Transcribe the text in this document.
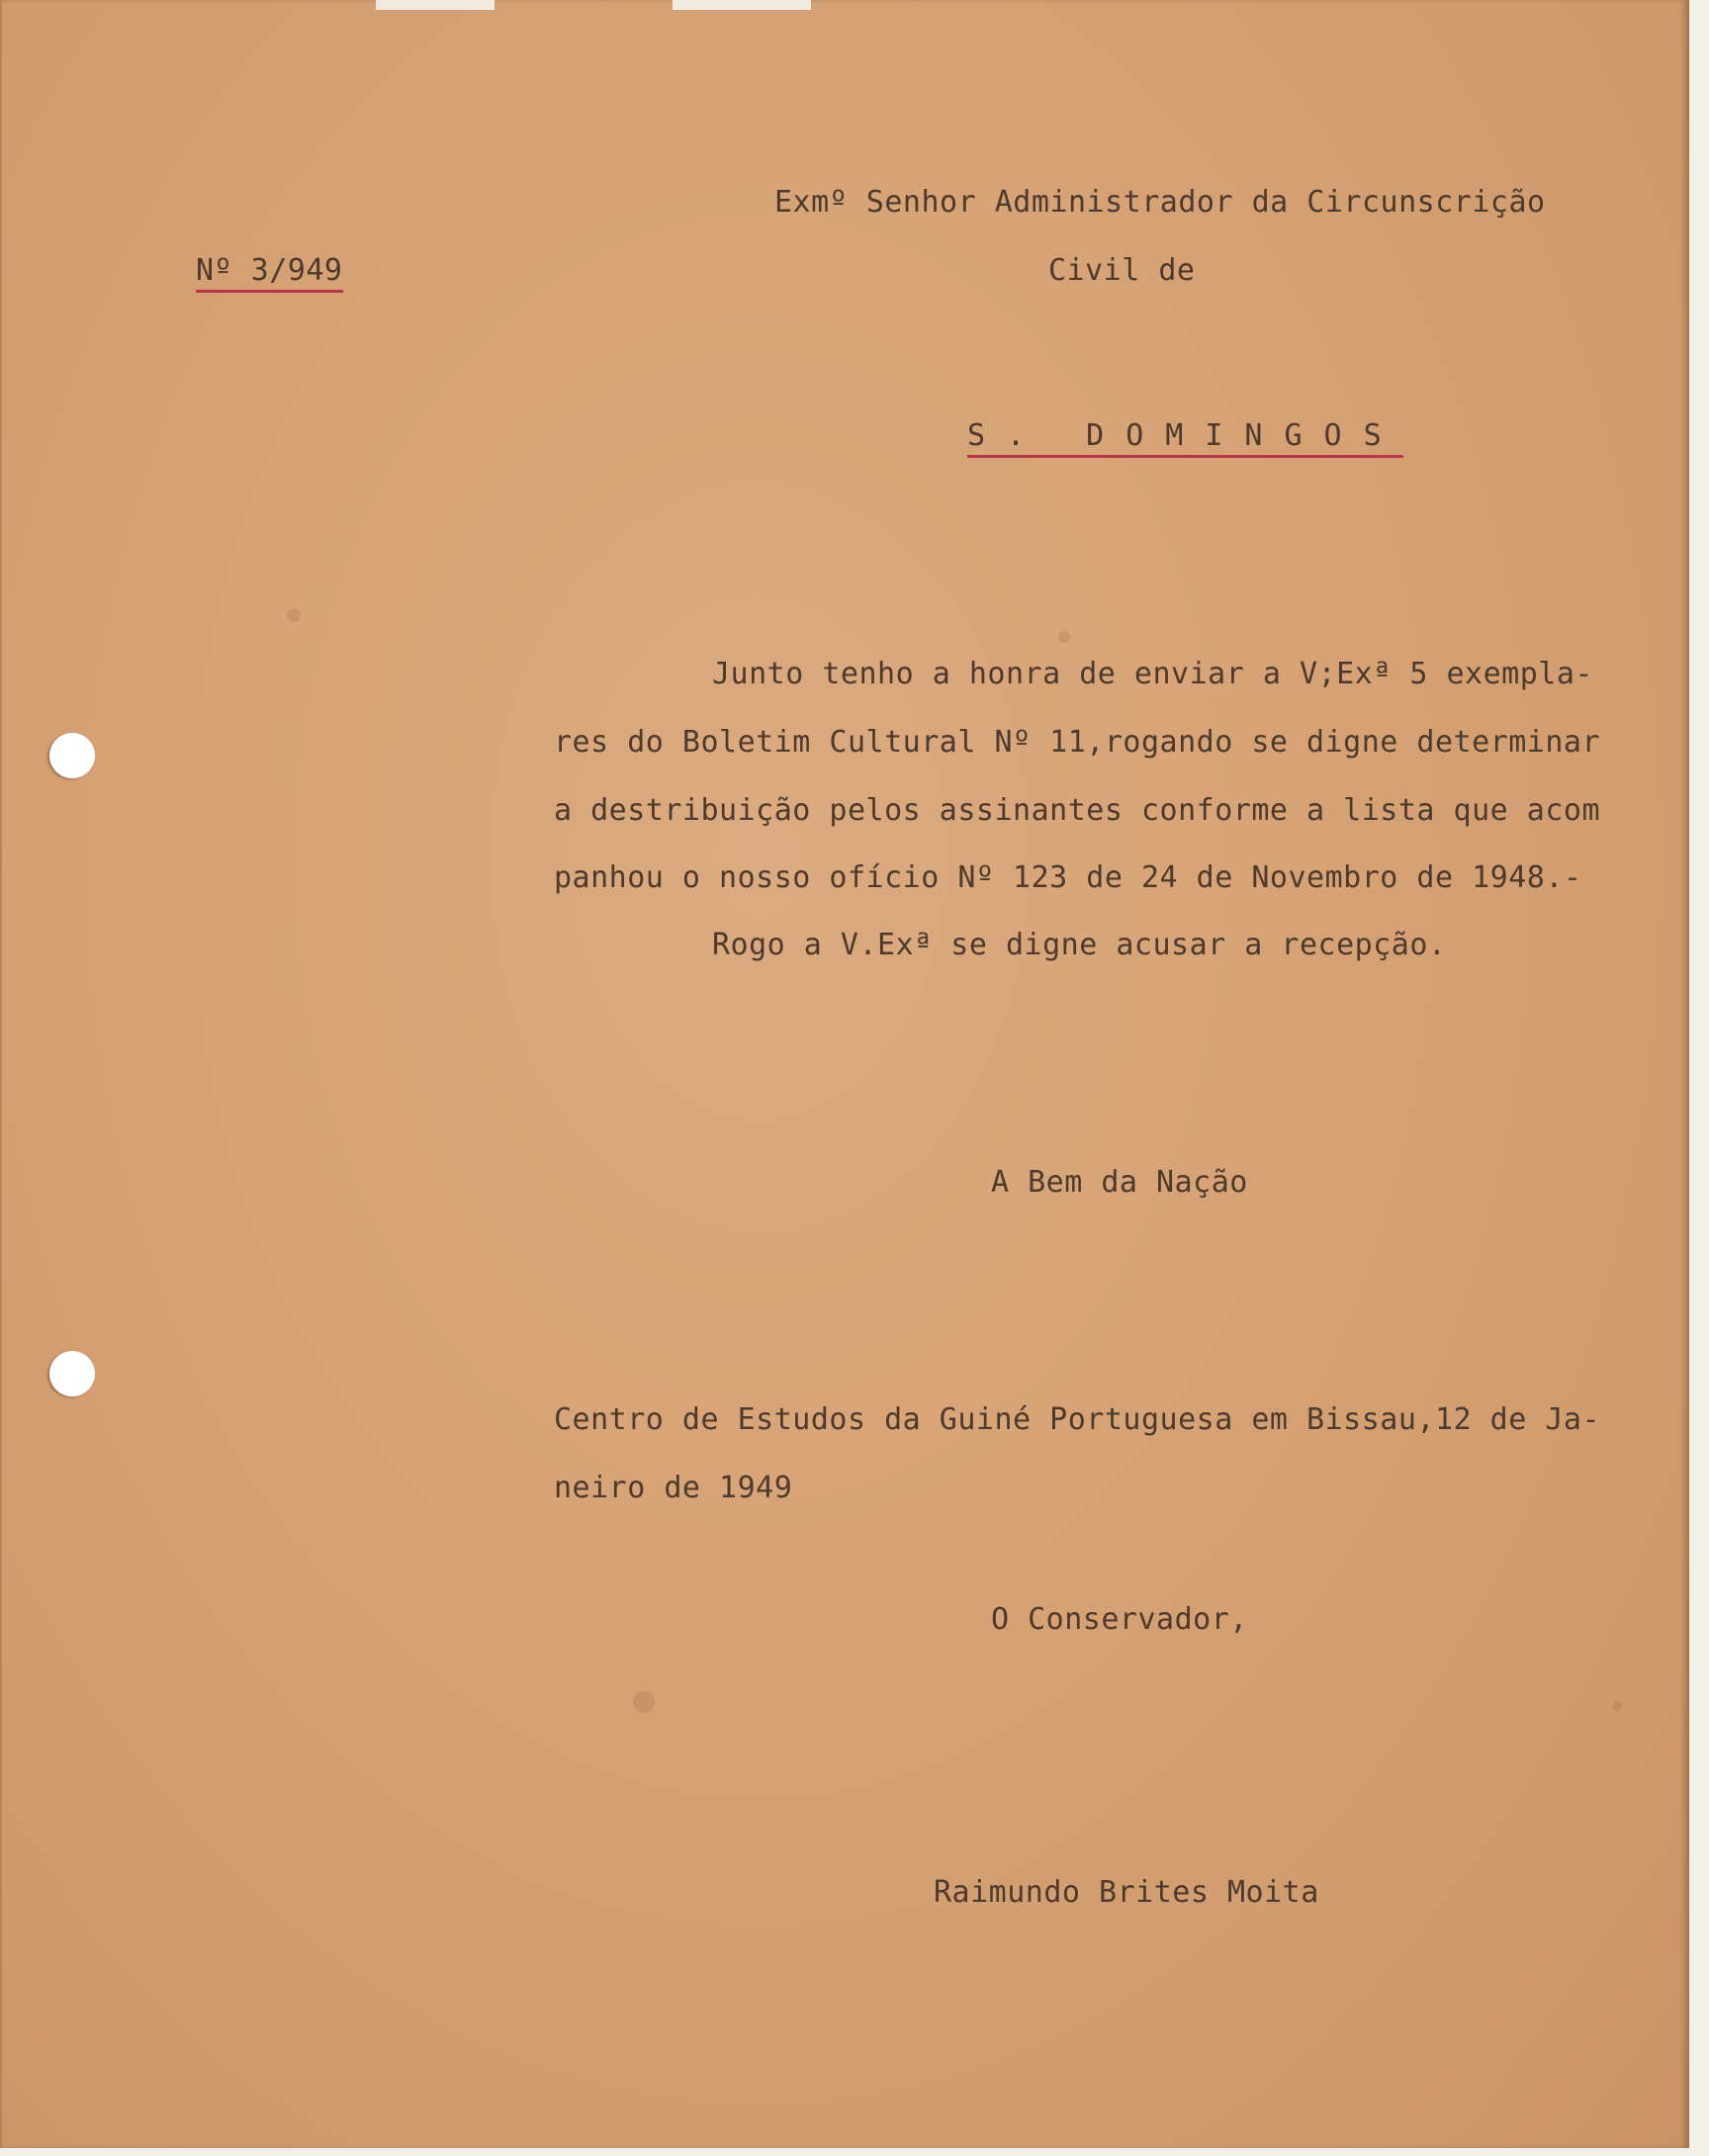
Exmº Senhor Administrador da Circunscrição
Nº 3/949	Civil de
S. DOMINGOS
Junto tenho a honra de enviar a V;Exª 5 exempla-
res do Boletim Cultural Nº 11,rogando se digne determinar
a destribuição pelos assinantes conforme a lista que acom
panhou o nosso ofício Nº 123 de 24 de Novembro de 1948.-
Rogo a V.Exª se digne acusar a recepção.
A Bem da Nação
Centro de Estudos da Guiné Portuguesa em Bissau,12 de Ja-
neiro de 1949
O Conservador,
Raimundo Brites Moita
